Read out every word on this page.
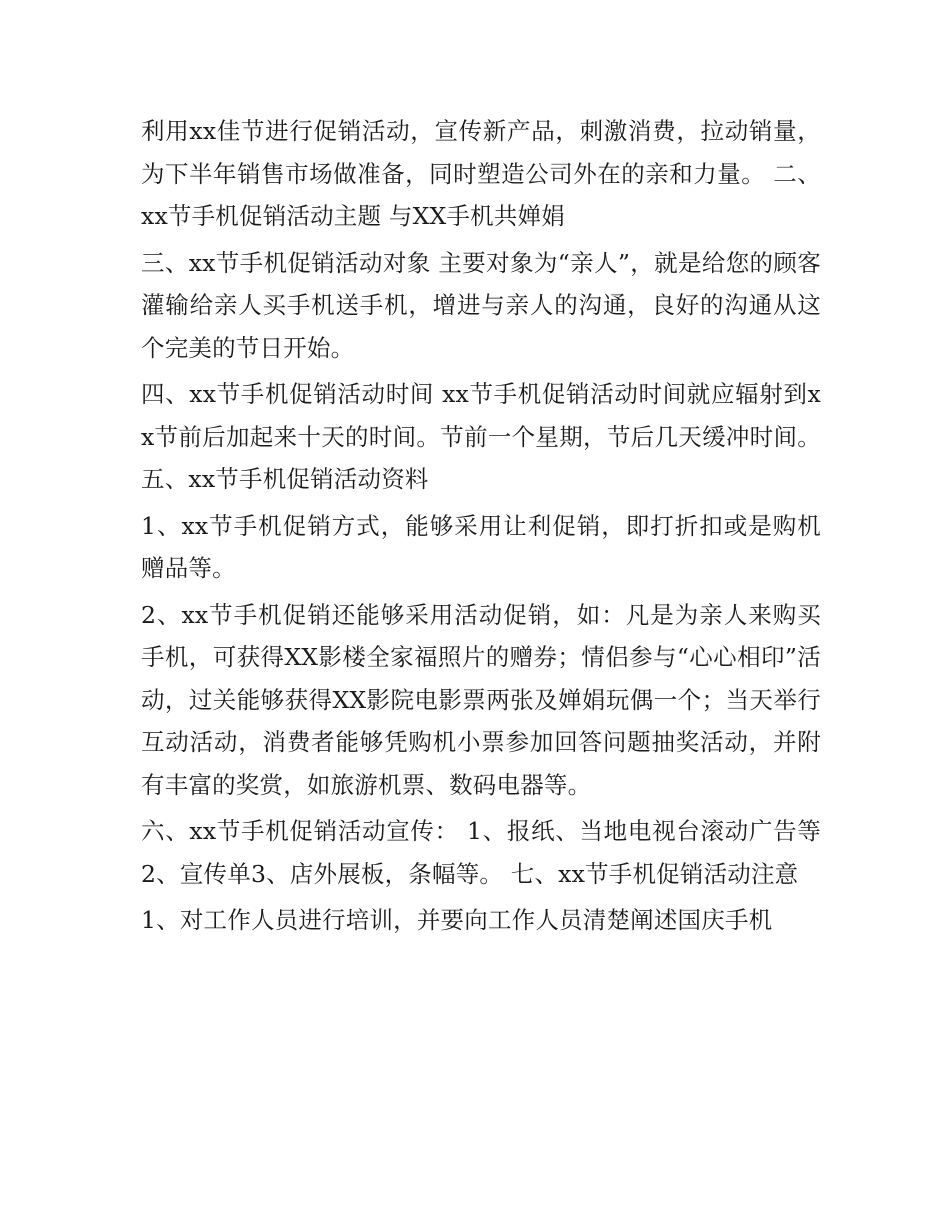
利用xx佳节进行促销活动，宣传新产品，刺激消费，拉动销量，为下半年销售市场做准备，同时塑造公司外在的亲和力量。 二、xx节手机促销活动主题 与XX手机共婵娟

三、xx节手机促销活动对象 主要对象为“亲人”，就是给您的顾客灌输给亲人买手机送手机，增进与亲人的沟通，良好的沟通从这个完美的节日开始。

四、xx节手机促销活动时间 xx节手机促销活动时间就应辐射到xx节前后加起来十天的时间。节前一个星期，节后几天缓冲时间。 五、xx节手机促销活动资料

1、xx节手机促销方式，能够采用让利促销，即打折扣或是购机赠品等。

2、xx节手机促销还能够采用活动促销，如：凡是为亲人来购买手机，可获得XX影楼全家福照片的赠券；情侣参与“心心相印”活动，过关能够获得XX影院电影票两张及婵娟玩偶一个；当天举行互动活动，消费者能够凭购机小票参加回答问题抽奖活动，并附有丰富的奖赏，如旅游机票、数码电器等。

六、xx节手机促销活动宣传： 1、报纸、当地电视台滚动广告等2、宣传单3、店外展板，条幅等。 七、xx节手机促销活动注意

1、对工作人员进行培训，并要向工作人员清楚阐述国庆手机
